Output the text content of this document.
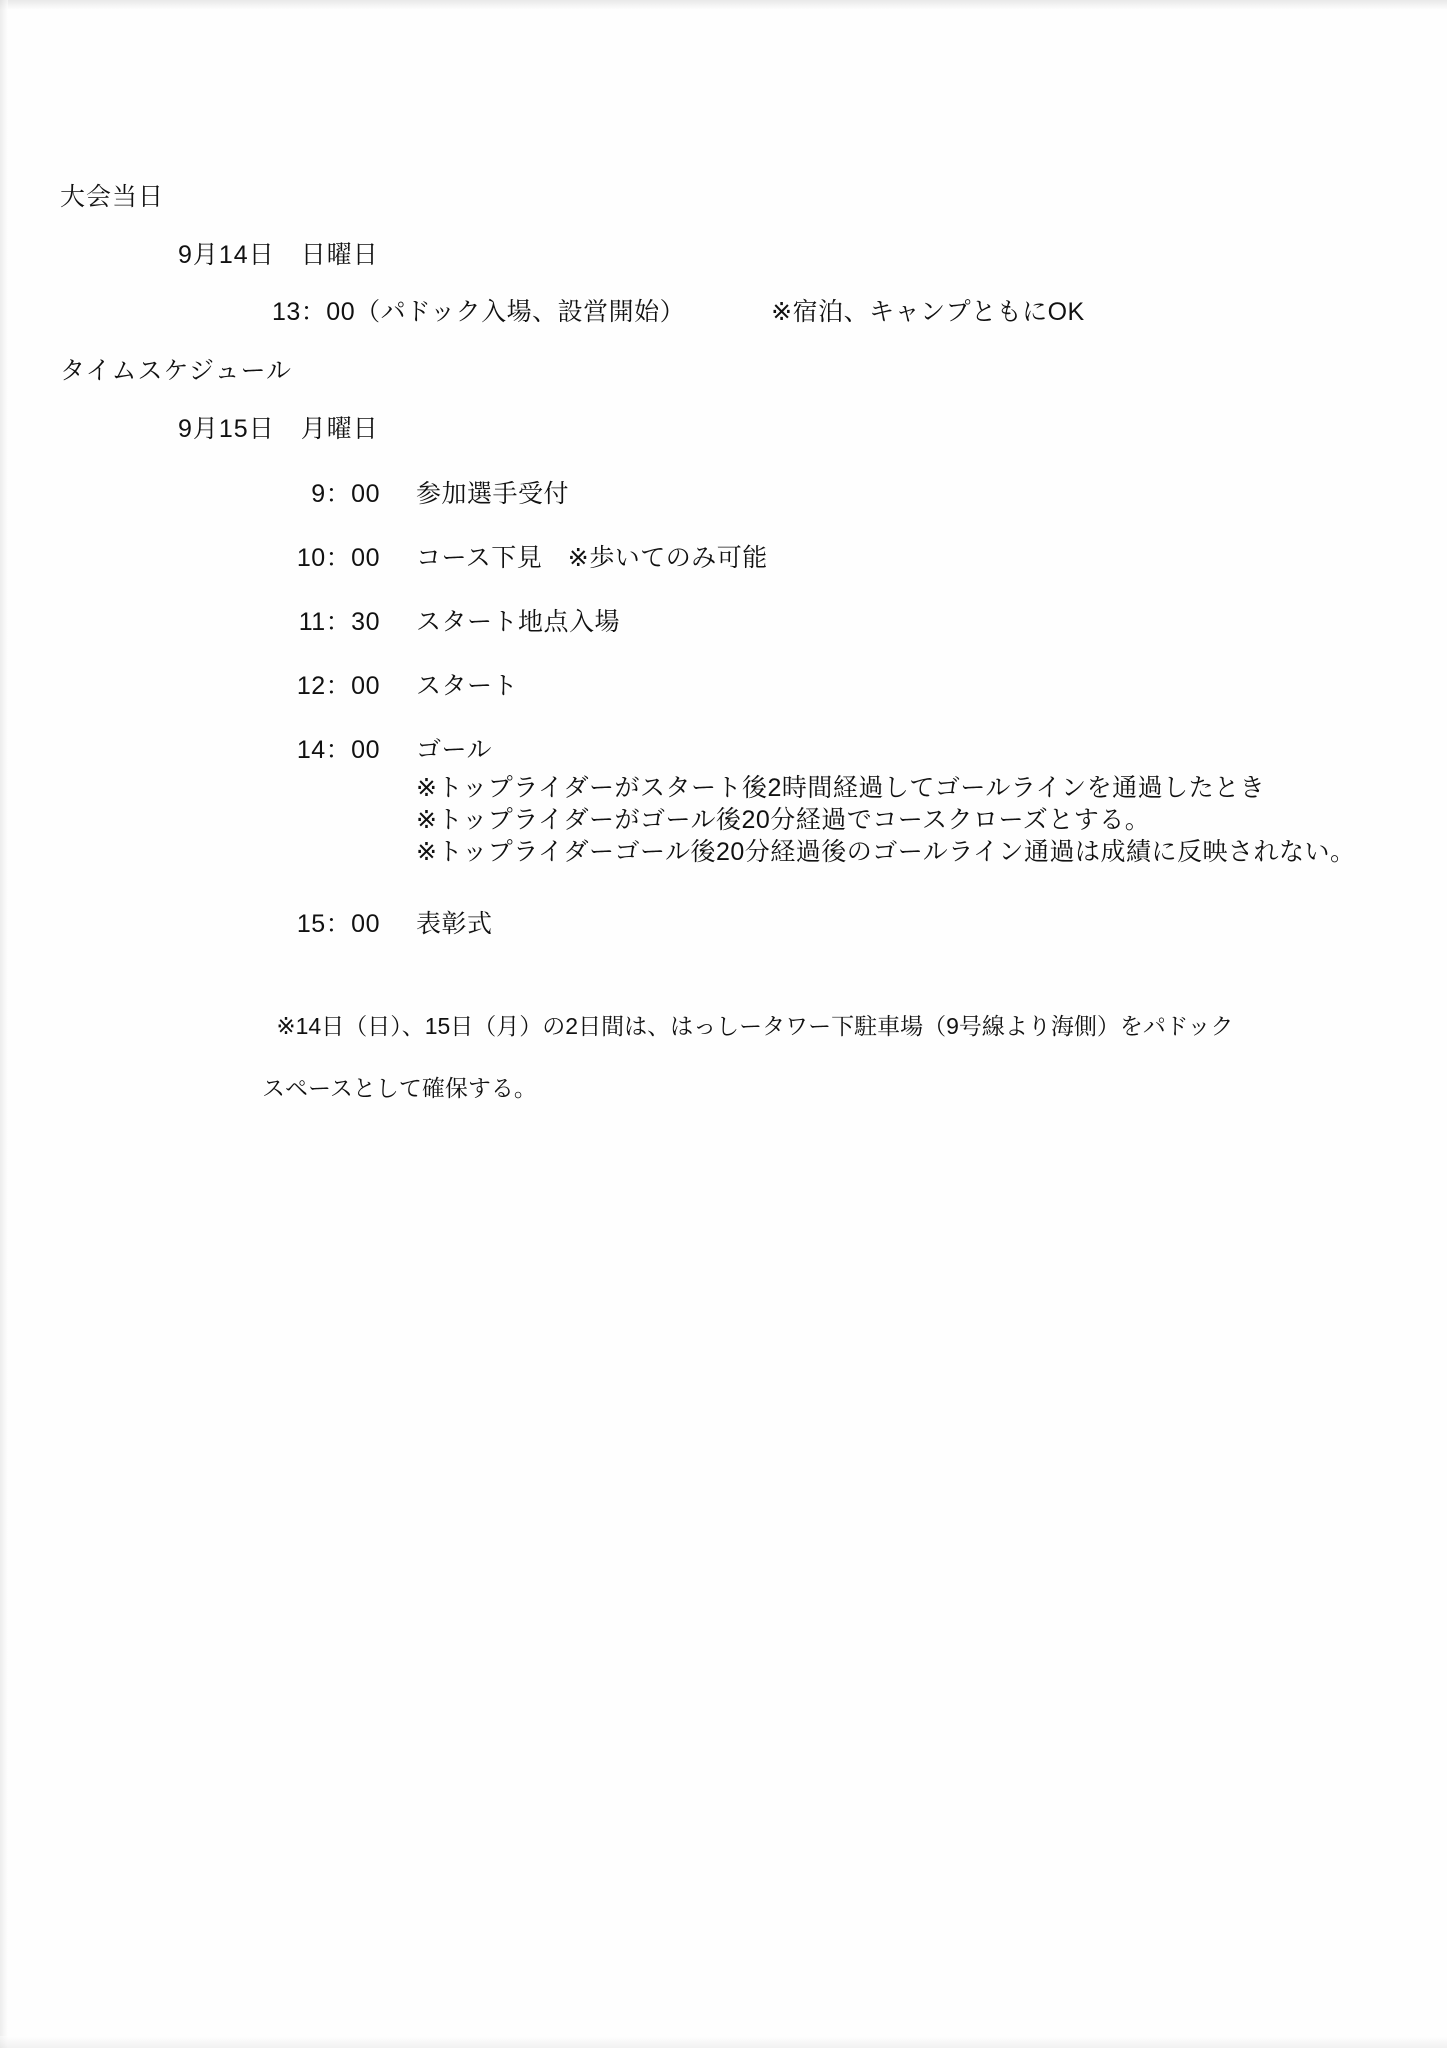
大会当日
9月14日　日曜日
13：00（パドック入場、設営開始）	※宿泊、キャンプともにOK
タイムスケジュール
9月15日　月曜日
9：00 参加選手受付
10：00 コース下見　※歩いてのみ可能
11：30 スタート地点入場
12：00 スタート
14：00 ゴール
※トップライダーがスタート後2時間経過してゴールラインを通過したとき
※トップライダーがゴール後20分経過でコースクローズとする。
※トップライダーゴール後20分経過後のゴールライン通過は成績に反映されない。
15：00 表彰式

※14日（日）、15日（月）の2日間は、はっしータワー下駐車場（9号線より海側）をパドック

スペースとして確保する。
